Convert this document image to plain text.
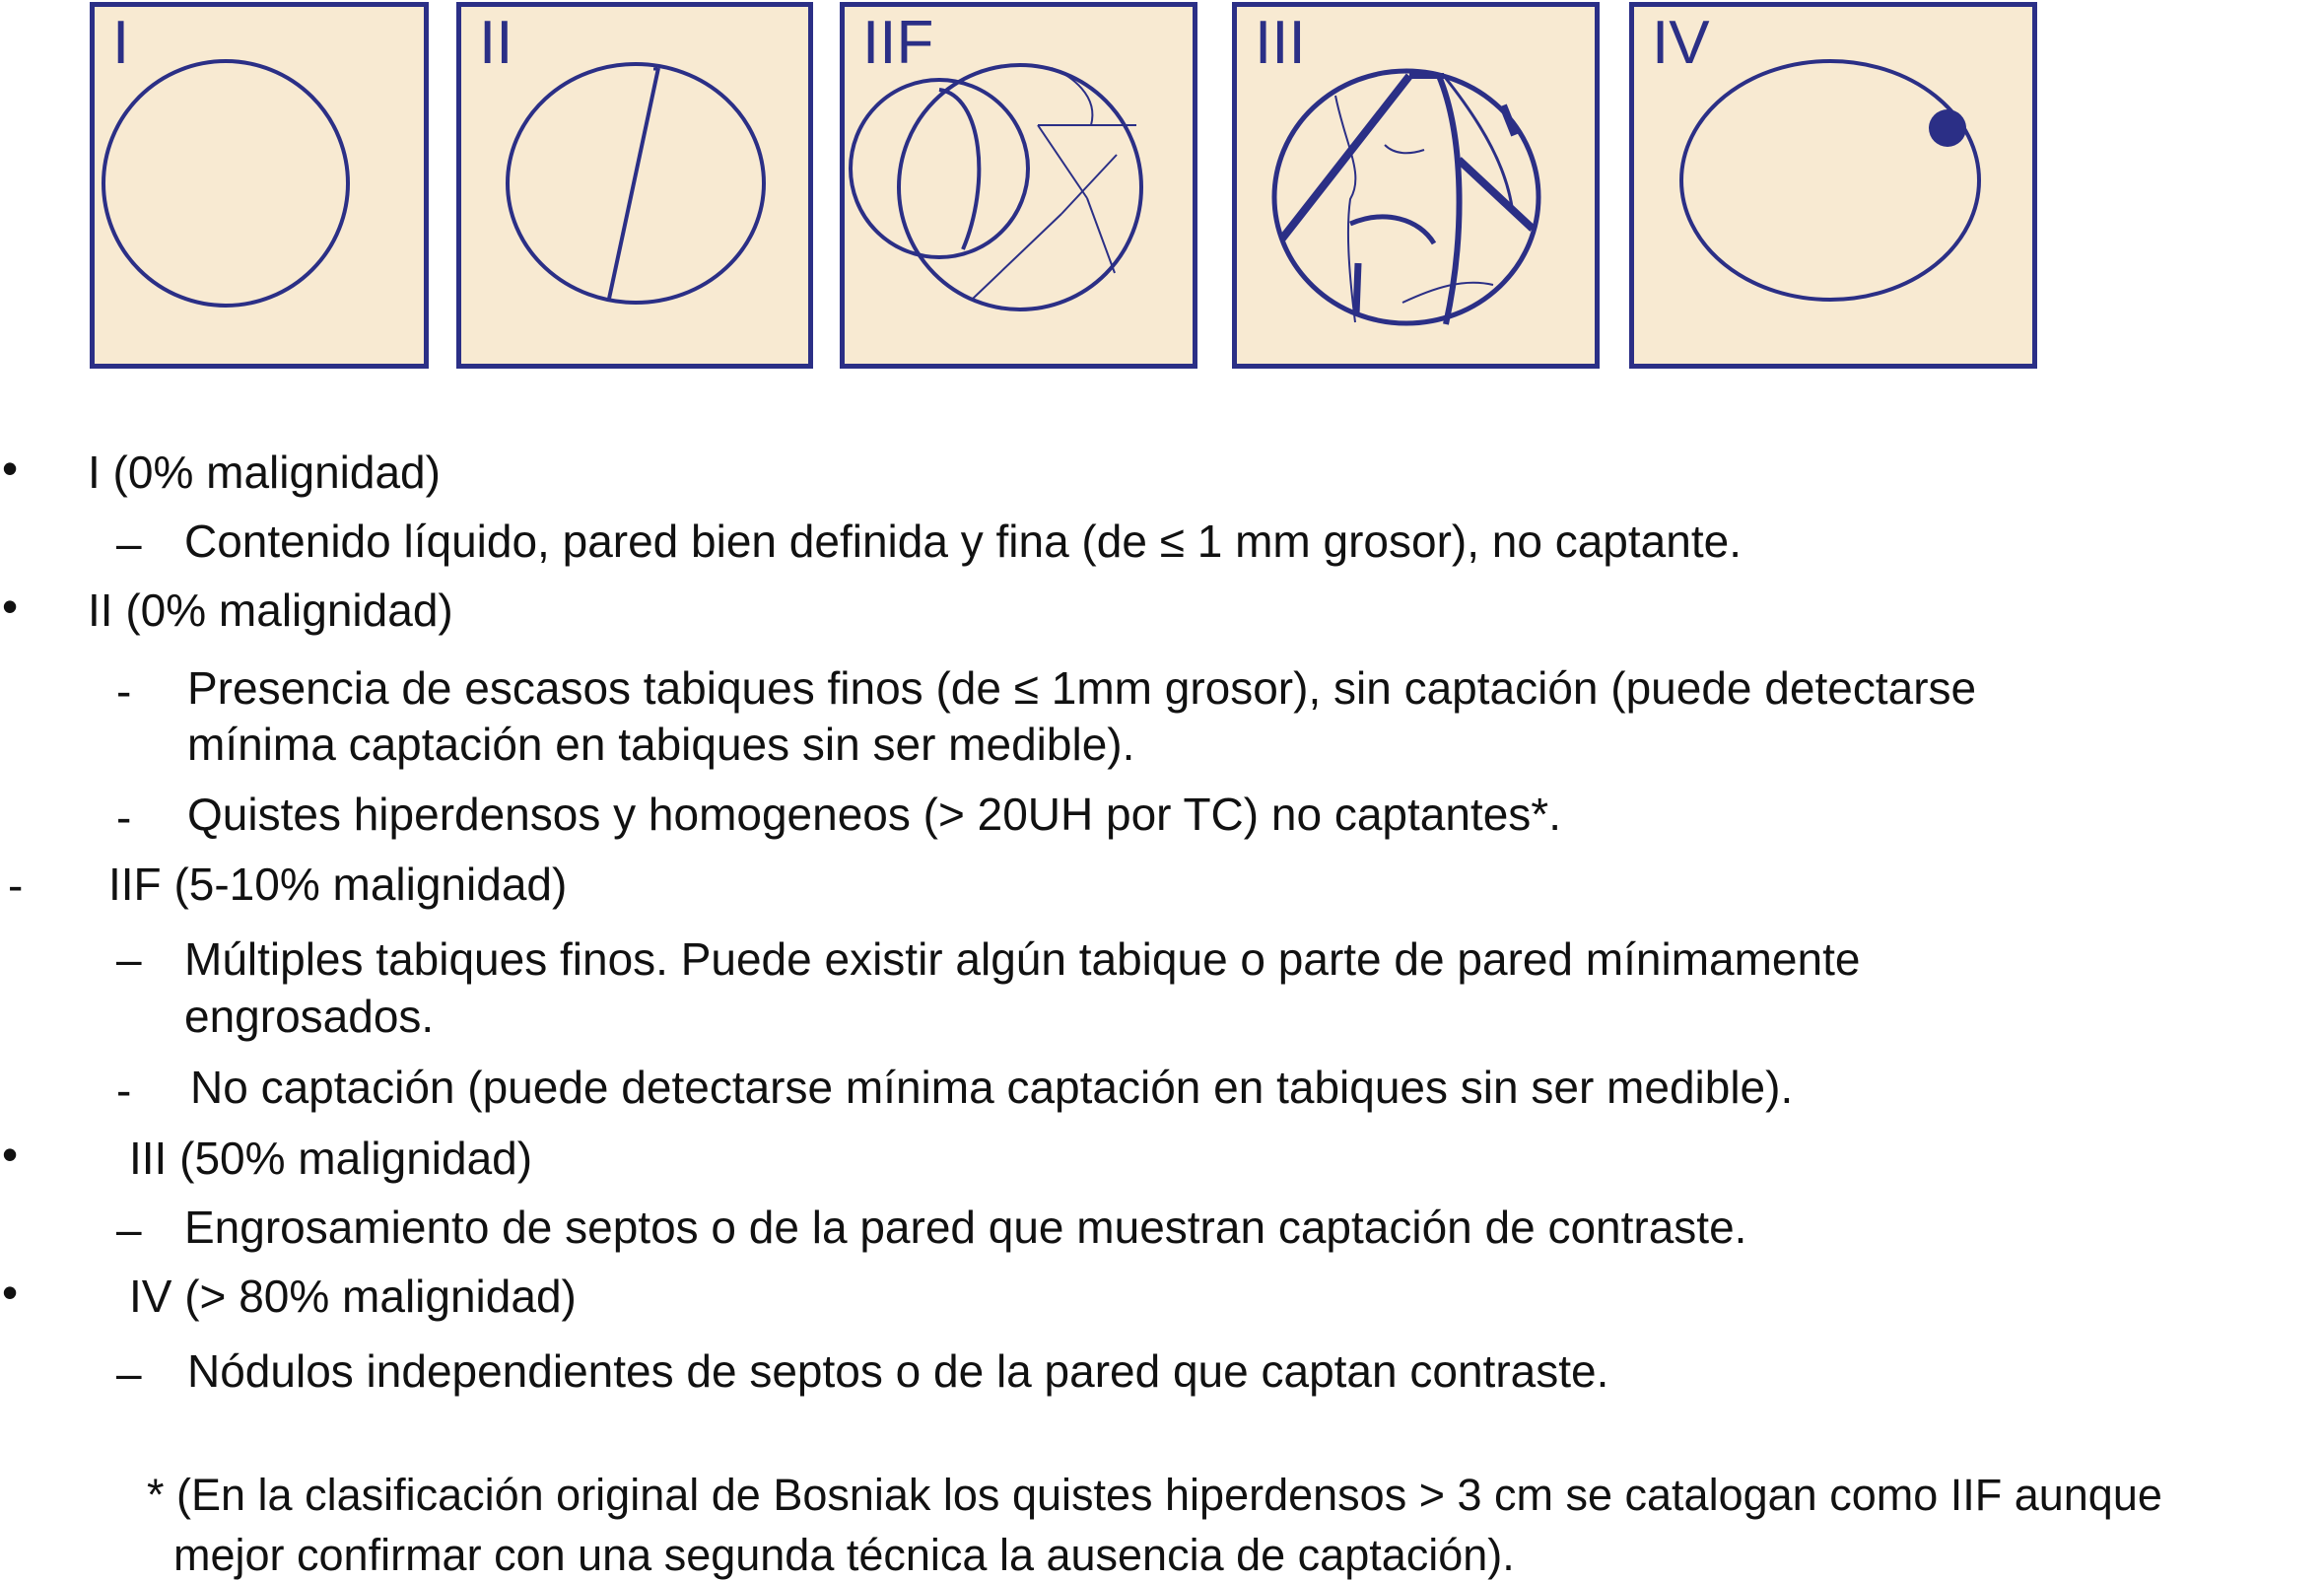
I	II	IIF	III	IV
• I (0% malignidad)
– Contenido líquido, pared bien definida y fina (de ≤ 1 mm grosor), no captante.
• II (0% malignidad)
- Presencia de escasos tabiques finos (de ≤ 1mm grosor), sin captación (puede detectarse
mínima captación en tabiques sin ser medible).
- Quistes hiperdensos y homogeneos (> 20UH por TC) no captantes*.
- IIF (5-10% malignidad)
– Múltiples tabiques finos. Puede existir algún tabique o parte de pared mínimamente
engrosados.
- No captación (puede detectarse mínima captación en tabiques sin ser medible).
• III (50% malignidad)
– Engrosamiento de septos o de la pared que muestran captación de contraste.
• IV (> 80% malignidad)
– Nódulos independientes de septos o de la pared que captan contraste.
* (En la clasificación original de Bosniak los quistes hiperdensos > 3 cm se catalogan como IIF aunque
mejor confirmar con una segunda técnica la ausencia de captación).
